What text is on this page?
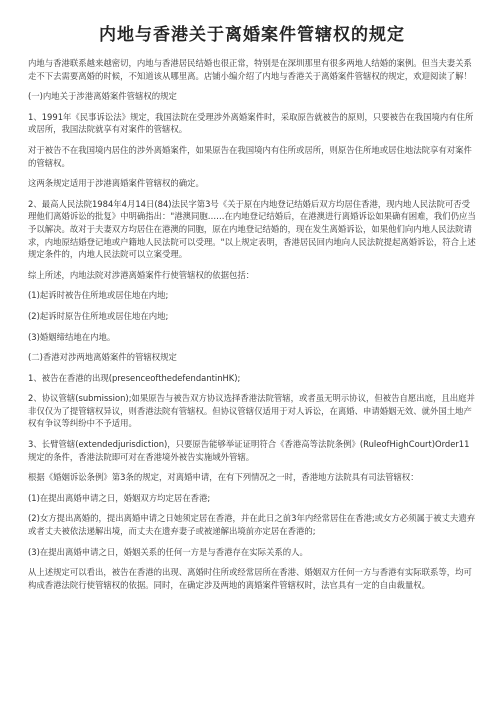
内地与香港关于离婚案件管辖权的规定

内地与香港联系越来越密切，内地与香港居民结婚也很正常，特别是在深圳那里有很多两地人结婚的案例。但当夫妻关系走不下去需要离婚的时候，不知道该从哪里离。店铺小编介绍了内地与香港关于离婚案件管辖权的规定，欢迎阅读了解！

(一)内地关于涉港离婚案件管辖权的规定

1、1991年《民事诉讼法》规定，我国法院在受理涉外离婚案件时，采取原告就被告的原则，只要被告在我国境内有住所或居所，我国法院就享有对案件的管辖权。

对于被告不在我国境内居住的涉外离婚案件，如果原告在我国境内有住所或居所，则原告住所地或居住地法院享有对案件的管辖权。

这两条规定适用于涉港离婚案件管辖权的确定。

2、最高人民法院1984年4月14日(84)法民字第3号《关于原在内地登记结婚后双方均居住香港，现内地人民法院可否受理他们离婚诉讼的批复》中明确指出："港澳同胞……在内地登记结婚后，在港澳进行离婚诉讼如果确有困难，我们仍应当予以解决。故对于夫妻双方均居住在港澳的同胞，原在内地登记结婚的，现在发生离婚诉讼，如果他们向内地人民法院请求，内地原结婚登记地或户籍地人民法院可以受理。"以上规定表明，香港居民回内地向人民法院提起离婚诉讼，符合上述规定条件的，内地人民法院可以立案受理。

综上所述，内地法院对涉港离婚案件行使管辖权的依据包括：

(1)起诉时被告住所地或居住地在内地;

(2)起诉时原告住所地或居住地在内地;

(3)婚姻缔结地在内地。

(二)香港对涉两地离婚案件的管辖权规定

1、被告在香港的出现(presenceofthedefendantinHK);

2、协议管辖(submission);如果原告与被告双方协议选择香港法院管辖，或者虽无明示协议，但被告自愿出庭，且出庭并非仅仅为了提管辖权异议，则香港法院有管辖权。但协议管辖仅适用于对人诉讼，在离婚、申请婚姻无效、就外国土地产权有争议等纠纷中不予适用。

3、长臂管辖(extendedjurisdiction)，只要原告能够举证证明符合《香港高等法院条例》(RuleofHighCourt)Order11规定的条件，香港法院即可对在香港境外被告实施域外管辖。

根据《婚姻诉讼条例》第3条的规定，对离婚申请，在有下列情况之一时，香港地方法院具有司法管辖权：

(1)在提出离婚申请之日，婚姻双方均定居在香港;

(2)女方提出离婚的，提出离婚申请之日她须定居在香港，并在此日之前3年内经常居住在香港;或女方必须属于被丈夫遗弃或者丈夫被依法递解出境，而丈夫在遗弃妻子或被递解出境前亦定居在香港的;

(3)在提出离婚申请之日，婚姻关系的任何一方是与香港存在实际关系的人。

从上述规定可以看出，被告在香港的出现、离婚时住所或经常居所在香港、婚姻双方任何一方与香港有实际联系等，均可构成香港法院行使管辖权的依据。同时，在确定涉及两地的离婚案件管辖权时，法官具有一定的自由裁量权。
